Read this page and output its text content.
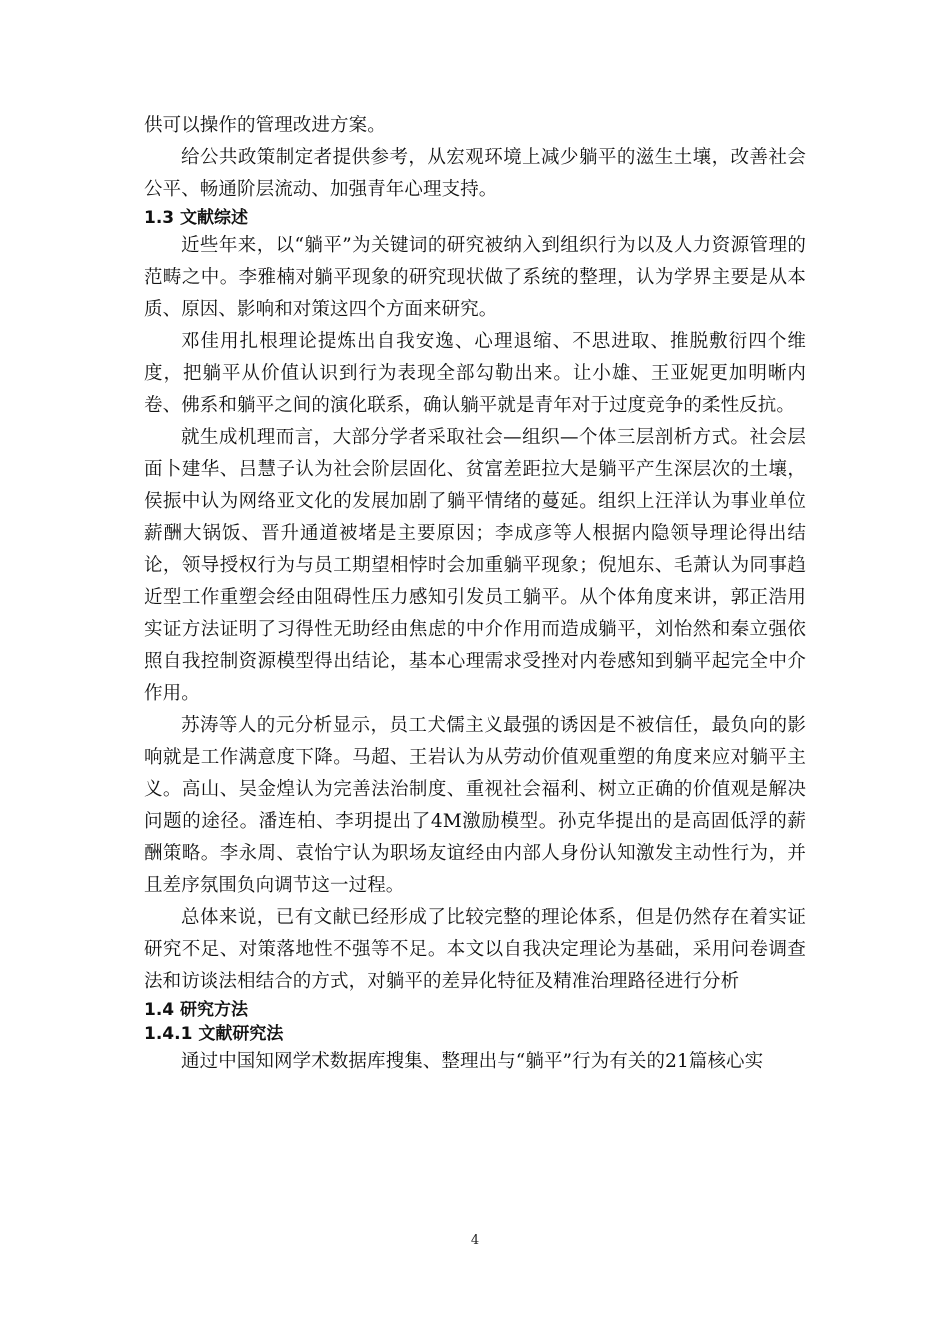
供可以操作的管理改进方案。

给公共政策制定者提供参考，从宏观环境上减少躺平的滋生土壤，改善社会公平、畅通阶层流动、加强青年心理支持。

1.3 文献综述

近些年来，以“躺平”为关键词的研究被纳入到组织行为以及人力资源管理的范畴之中。李雅楠对躺平现象的研究现状做了系统的整理，认为学界主要是从本质、原因、影响和对策这四个方面来研究。

邓佳用扎根理论提炼出自我安逸、心理退缩、不思进取、推脱敷衍四个维度，把躺平从价值认识到行为表现全部勾勒出来。让小雄、王亚妮更加明晰内卷、佛系和躺平之间的演化联系，确认躺平就是青年对于过度竞争的柔性反抗。

就生成机理而言，大部分学者采取社会—组织—个体三层剖析方式。社会层面卜建华、吕慧子认为社会阶层固化、贫富差距拉大是躺平产生深层次的土壤，侯振中认为网络亚文化的发展加剧了躺平情绪的蔓延。组织上汪洋认为事业单位薪酬大锅饭、晋升通道被堵是主要原因；李成彦等人根据内隐领导理论得出结论，领导授权行为与员工期望相悖时会加重躺平现象；倪旭东、毛萧认为同事趋近型工作重塑会经由阻碍性压力感知引发员工躺平。从个体角度来讲，郭正浩用实证方法证明了习得性无助经由焦虑的中介作用而造成躺平，刘怡然和秦立强依照自我控制资源模型得出结论，基本心理需求受挫对内卷感知到躺平起完全中介作用。

苏涛等人的元分析显示，员工犬儒主义最强的诱因是不被信任，最负向的影响就是工作满意度下降。马超、王岩认为从劳动价值观重塑的角度来应对躺平主义。高山、吴金煌认为完善法治制度、重视社会福利、树立正确的价值观是解决问题的途径。潘连柏、李玥提出了4M激励模型。孙克华提出的是高固低浮的薪酬策略。李永周、袁怡宁认为职场友谊经由内部人身份认知激发主动性行为，并且差序氛围负向调节这一过程。

总体来说，已有文献已经形成了比较完整的理论体系，但是仍然存在着实证研究不足、对策落地性不强等不足。本文以自我决定理论为基础，采用问卷调查法和访谈法相结合的方式，对躺平的差异化特征及精准治理路径进行分析

1.4 研究方法
1.4.1 文献研究法

通过中国知网学术数据库搜集、整理出与“躺平”行为有关的21篇核心实

4
